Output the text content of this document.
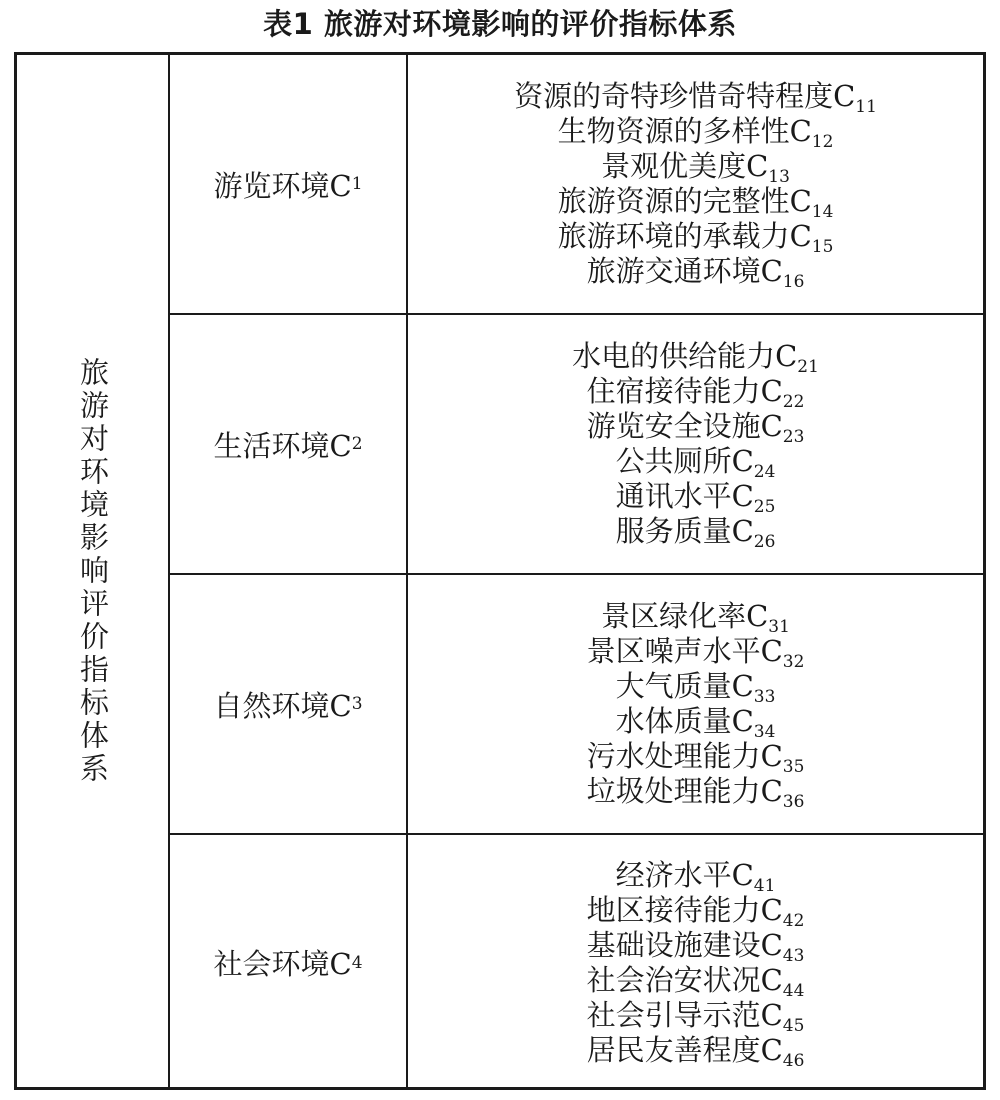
表1 旅游对环境影响的评价指标体系
旅游对环境影响评价指标体系
游览环境C 1
资源的奇特珍惜奇特程度$C_{11}$
生物资源的多样性$C_{12}$
景观优美度$C_{13}$
旅游资源的完整性$C_{14}$
旅游环境的承载力$C_{15}$
旅游交通环境$C_{16}$
生活环境C 2
水电的供给能力$C_{21}$
住宿接待能力$C_{22}$
游览安全设施$C_{23}$
公共厕所$C_{24}$
通讯水平$C_{25}$
服务质量$C_{26}$
自然环境C 3
景区绿化率$C_{31}$
景区噪声水平$C_{32}$
大气质量$C_{33}$
水体质量$C_{34}$
污水处理能力$C_{35}$
垃圾处理能力$C_{36}$
社会环境C 4
经济水平$C_{41}$
地区接待能力$C_{42}$
基础设施建设$C_{43}$
社会治安状况$C_{44}$
社会引导示范$C_{45}$
居民友善程度$C_{46}$
